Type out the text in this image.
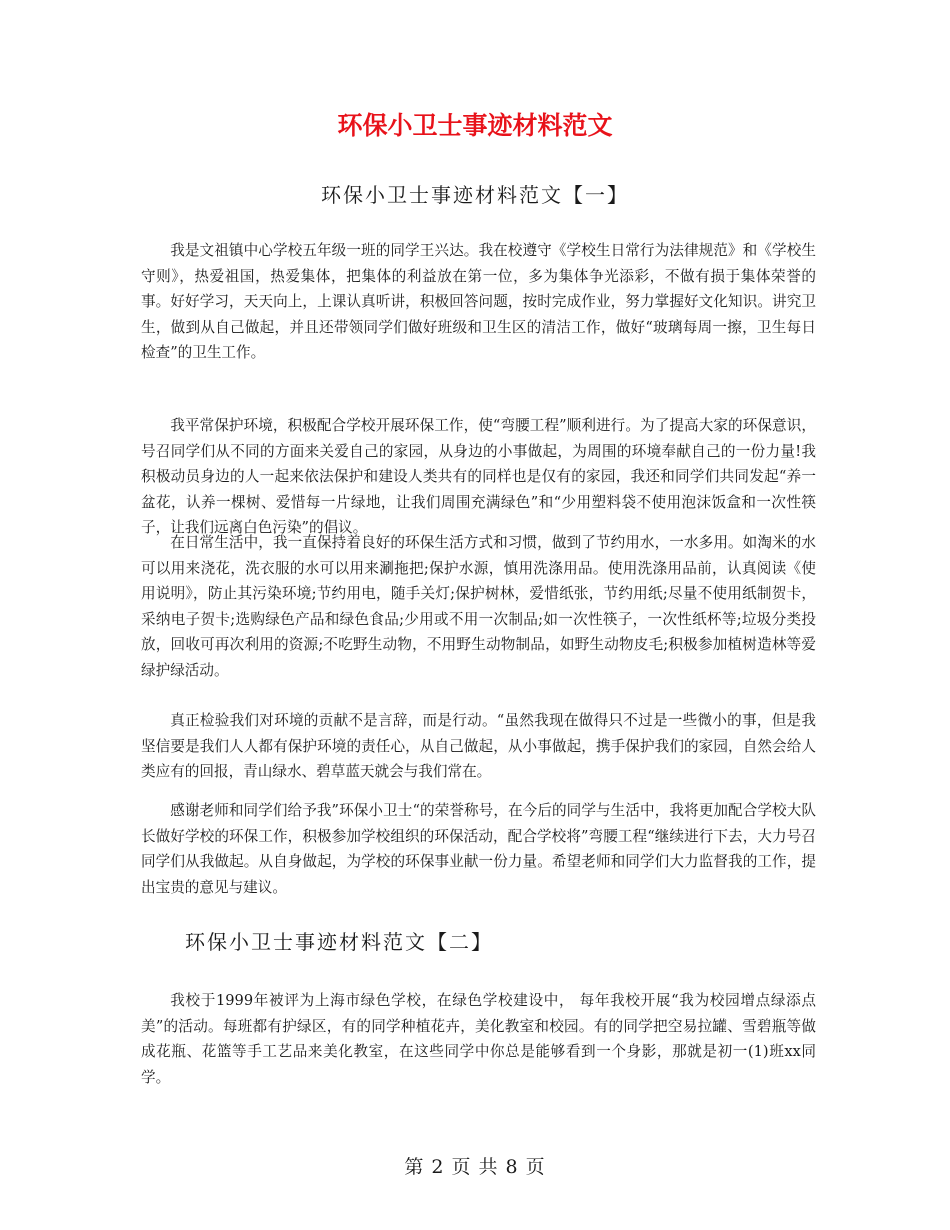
环保小卫士事迹材料范文
环保小卫士事迹材料范文【一】

我是文祖镇中心学校五年级一班的同学王兴达。我在校遵守《学校生日常行为法律规范》和《学校生守则》，热爱祖国，热爱集体，把集体的利益放在第一位，多为集体争光添彩，不做有损于集体荣誉的事。好好学习，天天向上，上课认真听讲，积极回答问题，按时完成作业，努力掌握好文化知识。讲究卫生，做到从自己做起，并且还带领同学们做好班级和卫生区的清洁工作，做好“玻璃每周一擦，卫生每日检查”的卫生工作。

我平常保护环境，积极配合学校开展环保工作，使“弯腰工程”顺利进行。为了提高大家的环保意识，号召同学们从不同的方面来关爱自己的家园，从身边的小事做起，为周围的环境奉献自己的一份力量!我积极动员身边的人一起来依法保护和建设人类共有的同样也是仅有的家园，我还和同学们共同发起“养一盆花，认养一棵树、爱惜每一片绿地，让我们周围充满绿色”和“少用塑料袋不使用泡沫饭盒和一次性筷子，让我们远离白色污染”的倡议。

在日常生活中，我一直保持着良好的环保生活方式和习惯，做到了节约用水，一水多用。如淘米的水可以用来浇花，洗衣服的水可以用来涮拖把;保护水源，慎用洗涤用品。使用洗涤用品前，认真阅读《使用说明》，防止其污染环境;节约用电，随手关灯;保护树林，爱惜纸张，节约用纸;尽量不使用纸制贺卡，采纳电子贺卡;选购绿色产品和绿色食品;少用或不用一次制品;如一次性筷子，一次性纸杯等;垃圾分类投放，回收可再次利用的资源;不吃野生动物，不用野生动物制品，如野生动物皮毛;积极参加植树造林等爱绿护绿活动。

真正检验我们对环境的贡献不是言辞，而是行动。“虽然我现在做得只不过是一些微小的事，但是我坚信要是我们人人都有保护环境的责任心，从自己做起，从小事做起，携手保护我们的家园，自然会给人类应有的回报，青山绿水、碧草蓝天就会与我们常在。

感谢老师和同学们给予我”环保小卫士“的荣誉称号，在今后的同学与生活中，我将更加配合学校大队长做好学校的环保工作，积极参加学校组织的环保活动，配合学校将”弯腰工程“继续进行下去，大力号召同学们从我做起。从自身做起，为学校的环保事业献一份力量。希望老师和同学们大力监督我的工作，提出宝贵的意见与建议。

环保小卫士事迹材料范文【二】

我校于1999年被评为上海市绿色学校，在绿色学校建设中， 每年我校开展“我为校园增点绿添点美”的活动。每班都有护绿区，有的同学种植花卉，美化教室和校园。有的同学把空易拉罐、雪碧瓶等做成花瓶、花篮等手工艺品来美化教室，在这些同学中你总是能够看到一个身影，那就是初一(1)班xx同学。

第 2 页 共 8 页
